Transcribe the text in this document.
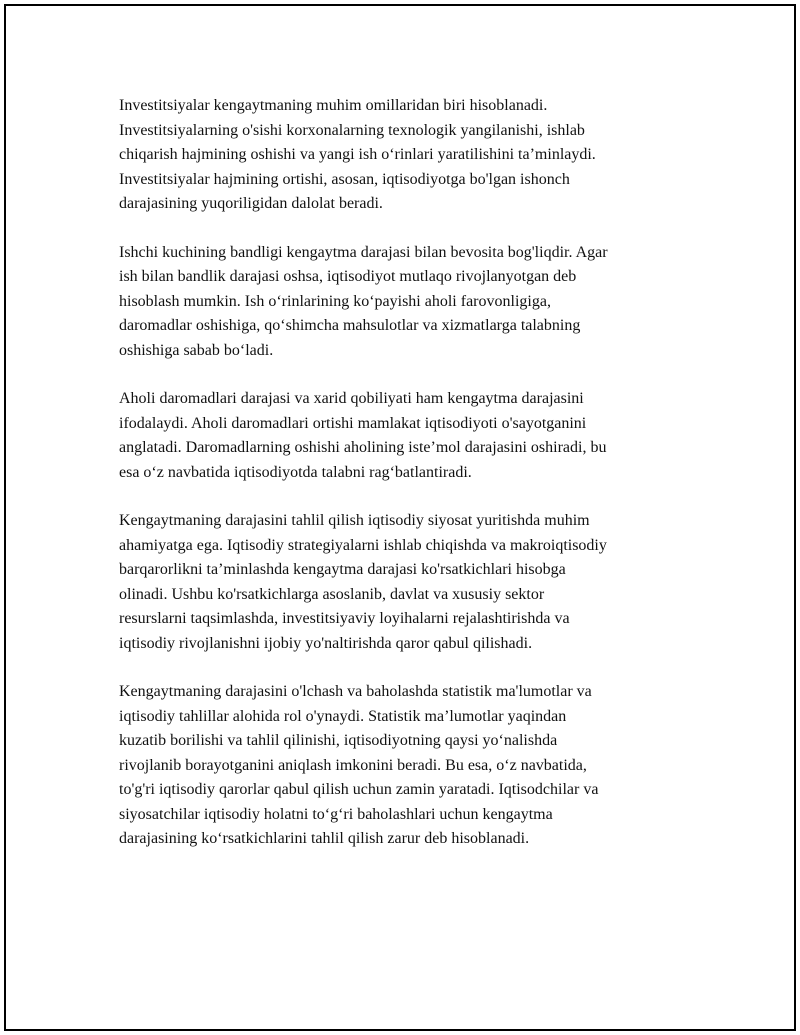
Investitsiyalar kengaytmaning muhim omillaridan biri hisoblanadi.
Investitsiyalarning o'sishi korxonalarning texnologik yangilanishi, ishlab
chiqarish hajmining oshishi va yangi ish o‘rinlari yaratilishini ta’minlaydi.
Investitsiyalar hajmining ortishi, asosan, iqtisodiyotga bo'lgan ishonch
darajasining yuqoriligidan dalolat beradi.

Ishchi kuchining bandligi kengaytma darajasi bilan bevosita bog'liqdir. Agar
ish bilan bandlik darajasi oshsa, iqtisodiyot mutlaqo rivojlanyotgan deb
hisoblash mumkin. Ish o‘rinlarining ko‘payishi aholi farovonligiga,
daromadlar oshishiga, qo‘shimcha mahsulotlar va xizmatlarga talabning
oshishiga sabab bo‘ladi.

Aholi daromadlari darajasi va xarid qobiliyati ham kengaytma darajasini
ifodalaydi. Aholi daromadlari ortishi mamlakat iqtisodiyoti o'sayotganini
anglatadi. Daromadlarning oshishi aholining iste’mol darajasini oshiradi, bu
esa o‘z navbatida iqtisodiyotda talabni rag‘batlantiradi.

Kengaytmaning darajasini tahlil qilish iqtisodiy siyosat yuritishda muhim
ahamiyatga ega. Iqtisodiy strategiyalarni ishlab chiqishda va makroiqtisodiy
barqarorlikni ta’minlashda kengaytma darajasi ko'rsatkichlari hisobga
olinadi. Ushbu ko'rsatkichlarga asoslanib, davlat va xususiy sektor
resurslarni taqsimlashda, investitsiyaviy loyihalarni rejalashtirishda va
iqtisodiy rivojlanishni ijobiy yo'naltirishda qaror qabul qilishadi.

Kengaytmaning darajasini o'lchash va baholashda statistik ma'lumotlar va
iqtisodiy tahlillar alohida rol o'ynaydi. Statistik ma’lumotlar yaqindan
kuzatib borilishi va tahlil qilinishi, iqtisodiyotning qaysi yo‘nalishda
rivojlanib borayotganini aniqlash imkonini beradi. Bu esa, o‘z navbatida,
to'g'ri iqtisodiy qarorlar qabul qilish uchun zamin yaratadi. Iqtisodchilar va
siyosatchilar iqtisodiy holatni to‘g‘ri baholashlari uchun kengaytma
darajasining ko‘rsatkichlarini tahlil qilish zarur deb hisoblanadi.
